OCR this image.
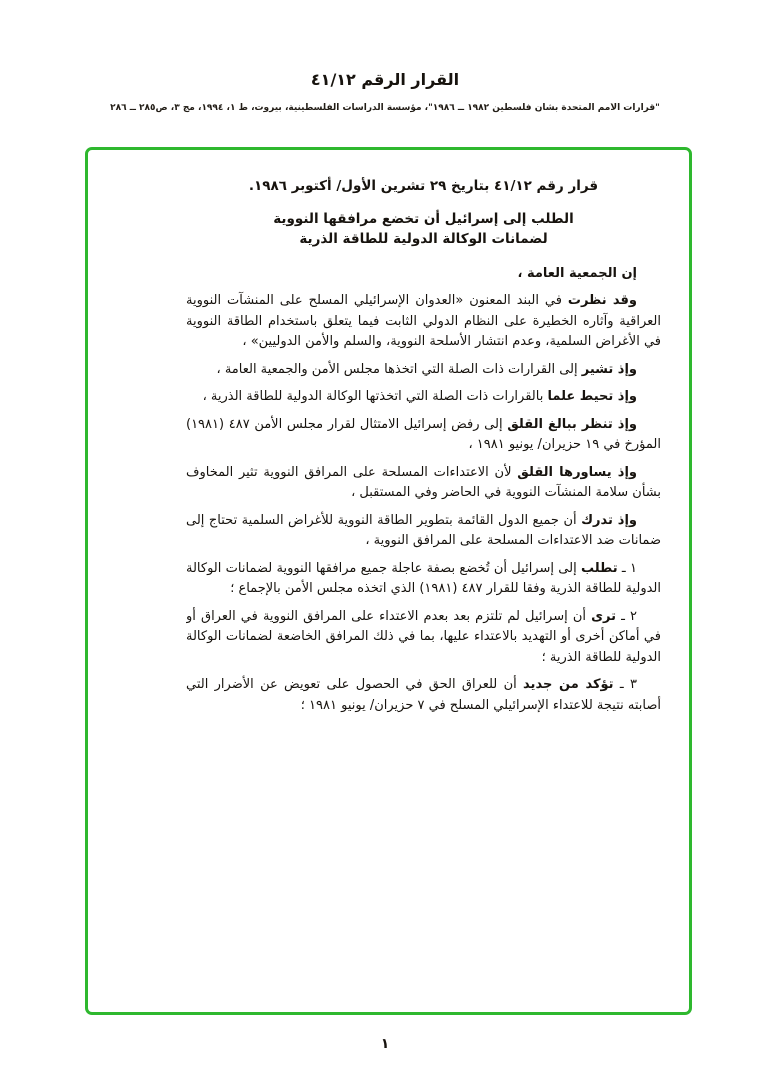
القرار الرقم ٤١/١٢
"قرارات الأمم المتحدة بشأن فلسطين ١٩٨٢ ــ ١٩٨٦"، مؤسسة الدراسات الفلسطينية، بيروت، ط ١، ١٩٩٤، مج ٣، ص٢٨٥ ــ ٢٨٦

قرار رقم ٤١/١٢ بتاريخ ٢٩ تشرين الأول/ أكتوبر ١٩٨٦.

الطلب إلى إسرائيل أن تخضع مرافقها النووية

لضمانات الوكالة الدولية للطاقة الذرية

إن الجمعية العامة ،

وقد نظرت في البند المعنون «العدوان الإسرائيلي المسلح على المنشآت النووية العراقية وآثاره الخطيرة على النظام الدولي الثابت فيما يتعلق باستخدام الطاقة النووية في الأغراض السلمية، وعدم انتشار الأسلحة النووية، والسلم والأمن الدوليين» ،

وإذ تشير إلى القرارات ذات الصلة التي اتخذها مجلس الأمن والجمعية العامة ،

وإذ تحيط علما بالقرارات ذات الصلة التي اتخذتها الوكالة الدولية للطاقة الذرية ،

وإذ تنظر ببالغ القلق إلى رفض إسرائيل الامتثال لقرار مجلس الأمن ٤٨٧ (١٩٨١) المؤرخ في ١٩ حزيران/ يونيو ١٩٨١ ،

وإذ يساورها القلق لأن الاعتداءات المسلحة على المرافق النووية تثير المخاوف بشأن سلامة المنشآت النووية في الحاضر وفي المستقبل ،

وإذ تدرك أن جميع الدول القائمة بتطوير الطاقة النووية للأغراض السلمية تحتاج إلى ضمانات ضد الاعتداءات المسلحة على المرافق النووية ،

١ ـ تطلب إلى إسرائيل أن تُخضع بصفة عاجلة جميع مرافقها النووية لضمانات الوكالة الدولية للطاقة الذرية وفقا للقرار ٤٨٧ (١٩٨١) الذي اتخذه مجلس الأمن بالإجماع ؛

٢ ـ ترى أن إسرائيل لم تلتزم بعد بعدم الاعتداء على المرافق النووية في العراق أو في أماكن أخرى أو التهديد بالاعتداء عليها، بما في ذلك المرافق الخاضعة لضمانات الوكالة الدولية للطاقة الذرية ؛

٣ ـ تؤكد من جديد أن للعراق الحق في الحصول على تعويض عن الأضرار التي أصابته نتيجة للاعتداء الإسرائيلي المسلح في ٧ حزيران/ يونيو ١٩٨١ ؛

١
